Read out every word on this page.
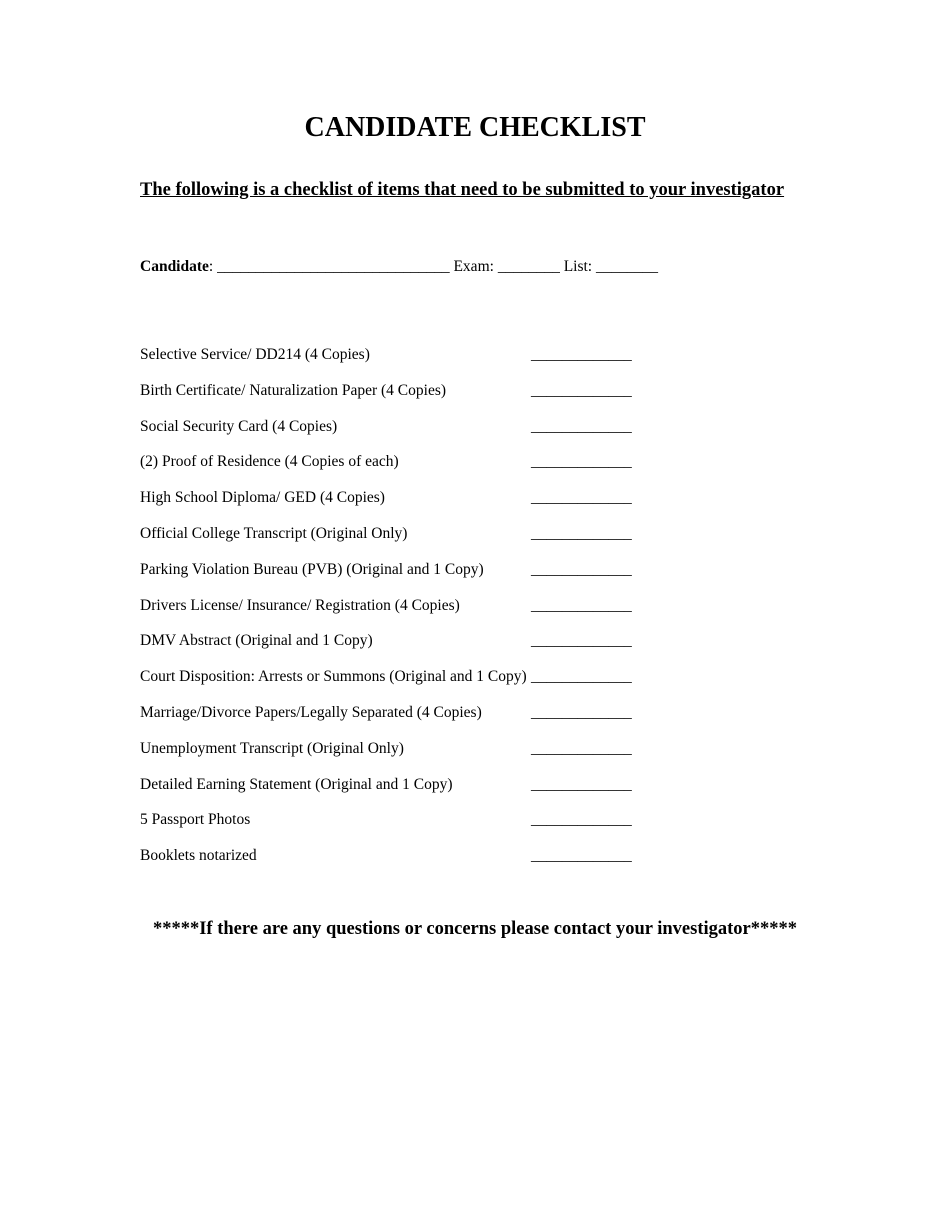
CANDIDATE CHECKLIST
The following is a checklist of items that need to be submitted to your investigator
Candidate: ______________________________ Exam: ________ List: ________
Selective Service/ DD214 (4 Copies)	_____________
Birth Certificate/ Naturalization Paper (4 Copies)	_____________
Social Security Card (4 Copies)	_____________
(2) Proof of Residence (4 Copies of each)	_____________
High School Diploma/ GED (4 Copies)	_____________
Official College Transcript (Original Only)	_____________
Parking Violation Bureau (PVB) (Original and 1 Copy)	_____________
Drivers License/ Insurance/ Registration (4 Copies)	_____________
DMV Abstract (Original and 1 Copy)	_____________
Court Disposition: Arrests or Summons (Original and 1 Copy) _____________
Marriage/Divorce Papers/Legally Separated (4 Copies)	_____________
Unemployment Transcript (Original Only)	_____________
Detailed Earning Statement (Original and 1 Copy)	_____________
5 Passport Photos	_____________
Booklets notarized	_____________

*****If there are any questions or concerns please contact your investigator*****
